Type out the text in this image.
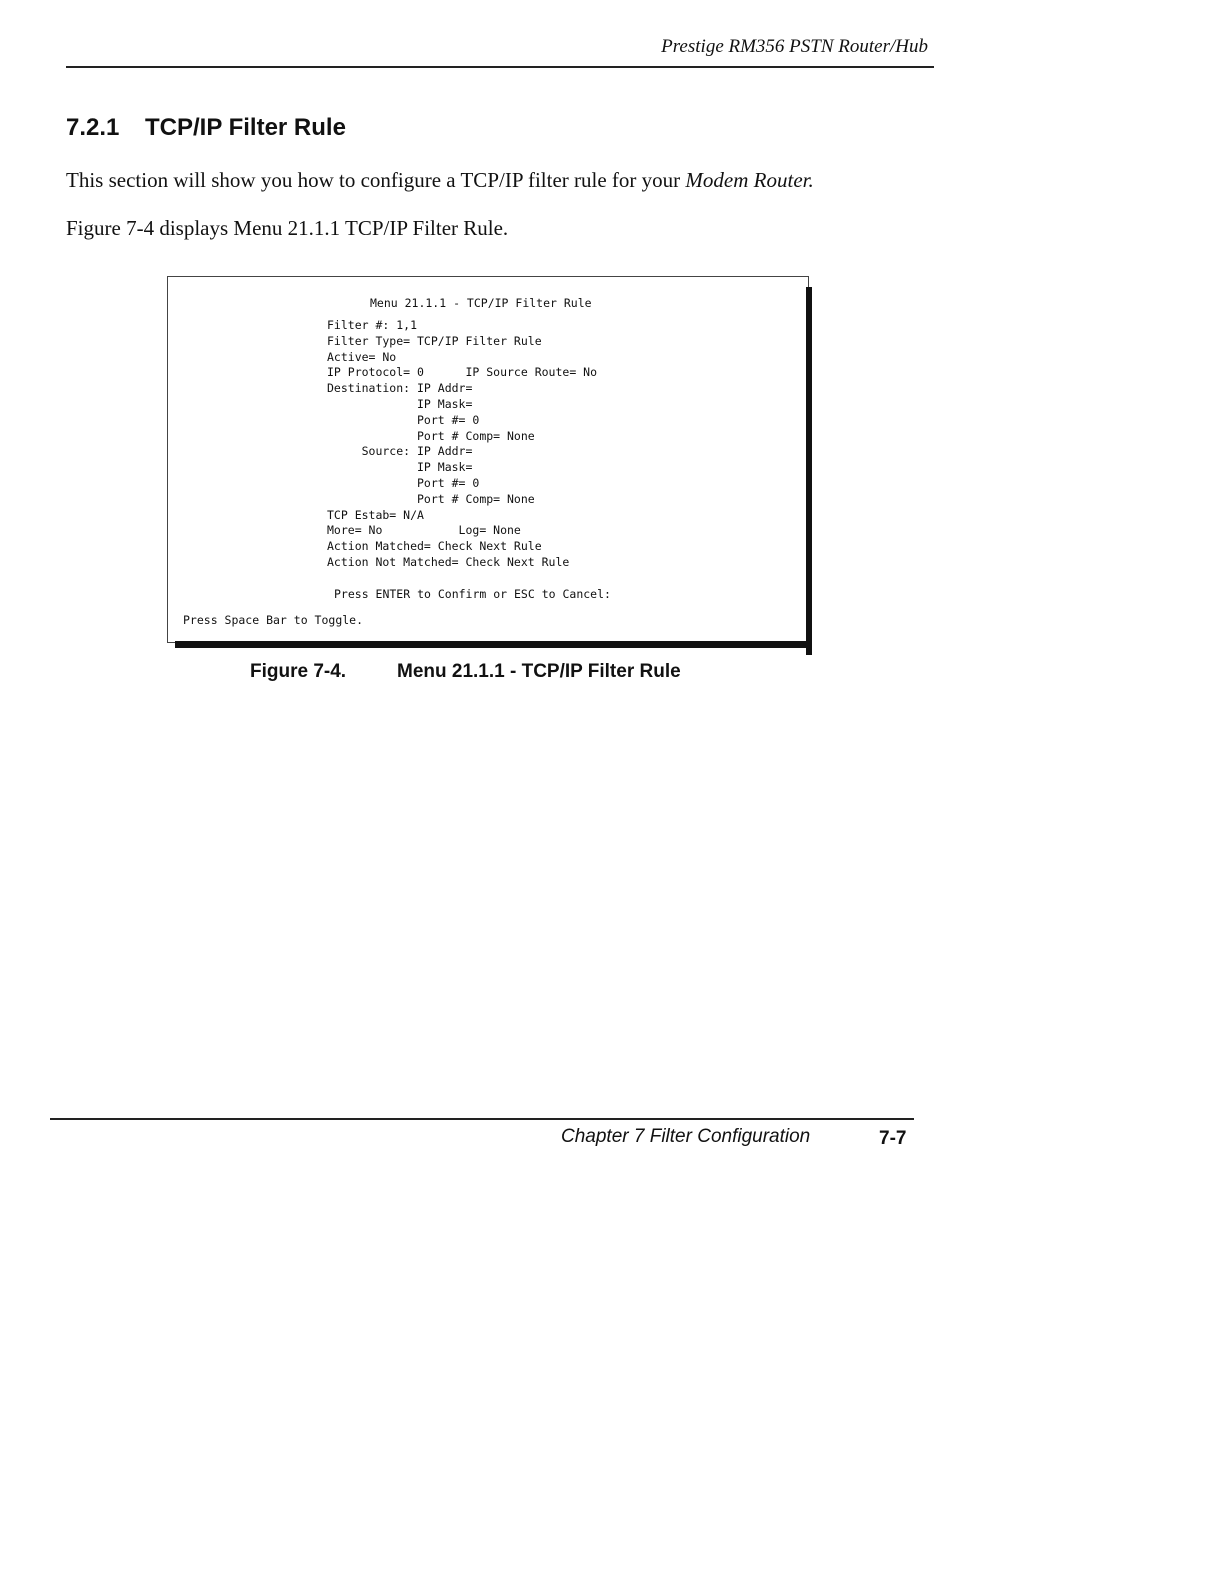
Prestige RM356 PSTN Router/Hub
7.2.1 TCP/IP Filter Rule
This section will show you how to configure a TCP/IP filter rule for your Modem Router.
Figure 7-4 displays Menu 21.1.1 TCP/IP Filter Rule.
Menu 21.1.1 - TCP/IP Filter Rule
Filter #: 1,1
Filter Type= TCP/IP Filter Rule
Active= No
IP Protocol= 0      IP Source Route= No
Destination: IP Addr=
IP Mask=
Port #= 0
Port # Comp= None
Source: IP Addr=
IP Mask=
Port #= 0
Port # Comp= None
TCP Estab= N/A
More= No           Log= None
Action Matched= Check Next Rule
Action Not Matched= Check Next Rule
Press ENTER to Confirm or ESC to Cancel:
Press Space Bar to Toggle.
Figure 7-4.	Menu 21.1.1 - TCP/IP Filter Rule
Chapter 7 Filter Configuration	7-7
